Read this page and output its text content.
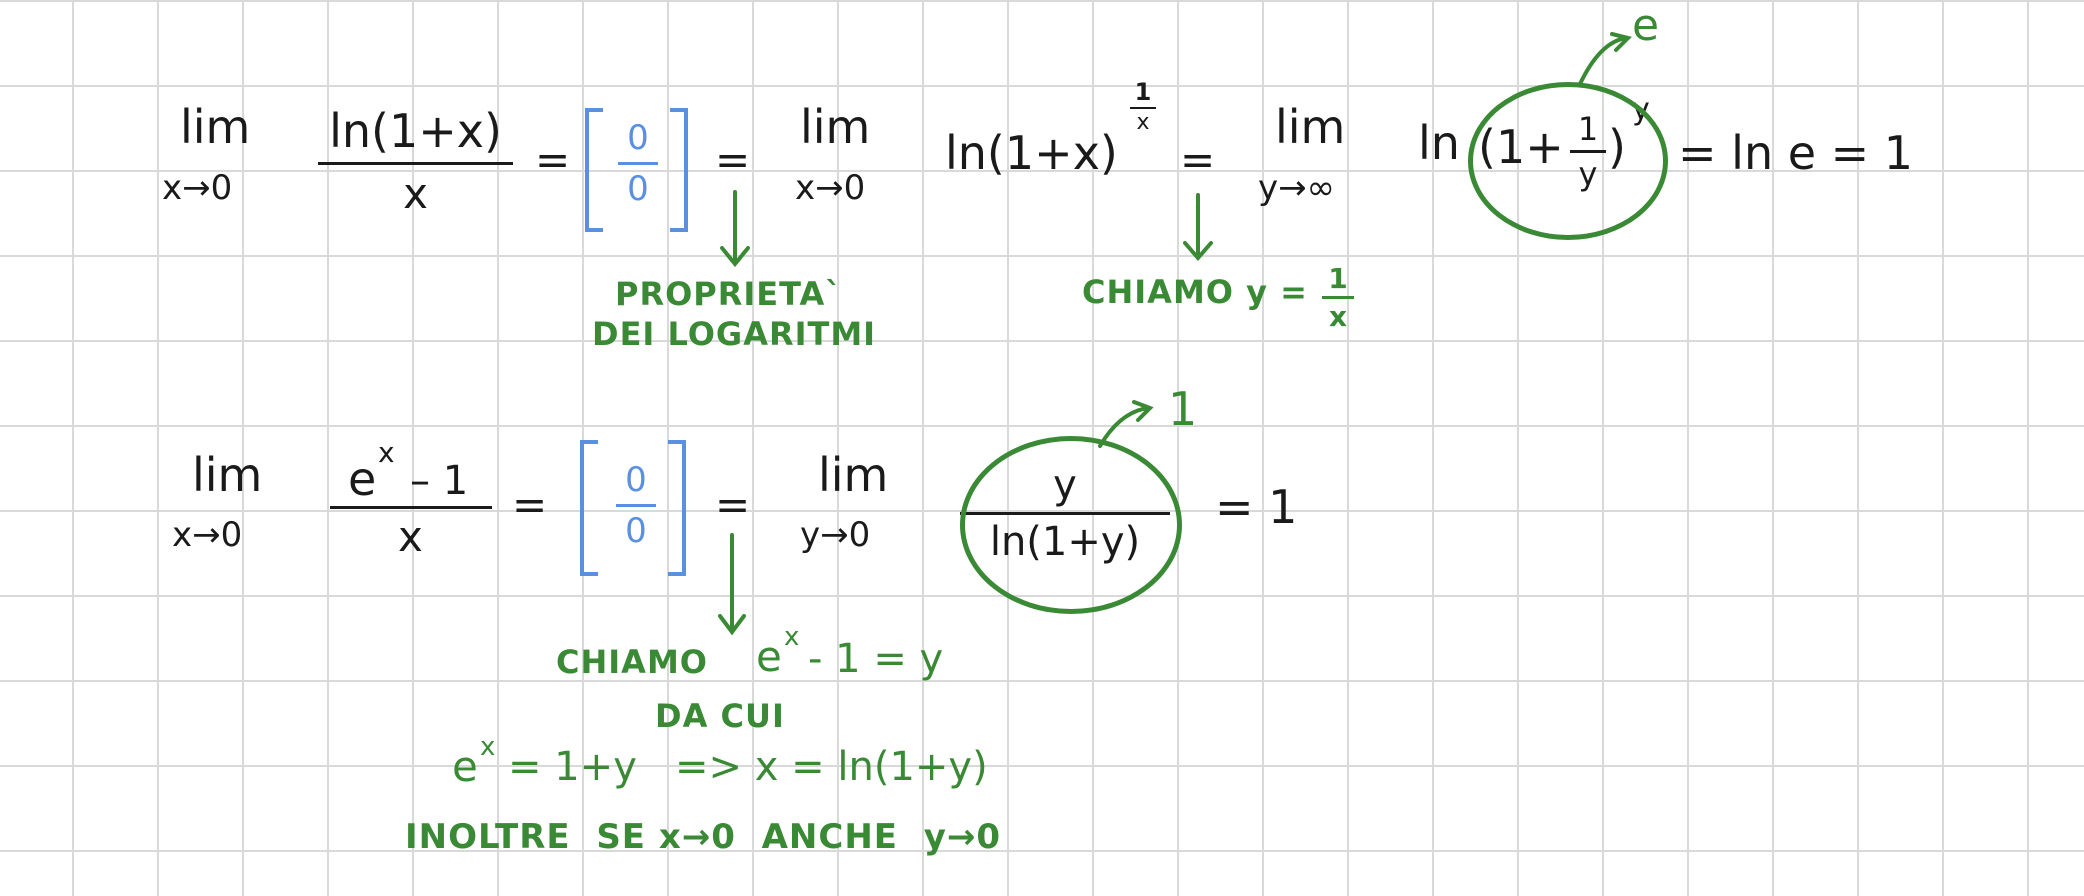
lim
x→0
ln(1+x)
x
= 0
0
=
lim
x→0
ln(1+x)
1
x
=
lim
y→∞
ln (1+ 1
y )
y
e
= ln e = 1
PROPRIETA`
DEI LOGARITMI
CHIAMO y = 1
x
lim
x→0
e x
– 1
x
= 0
0
=
lim
y→0
y
ln(1+y)
1
= 1
CHIAMO e x - 1 = y
DA CUI
e x = 1+y   => x = ln(1+y)
INOLTRE  SE x→0  ANCHE  y→0
